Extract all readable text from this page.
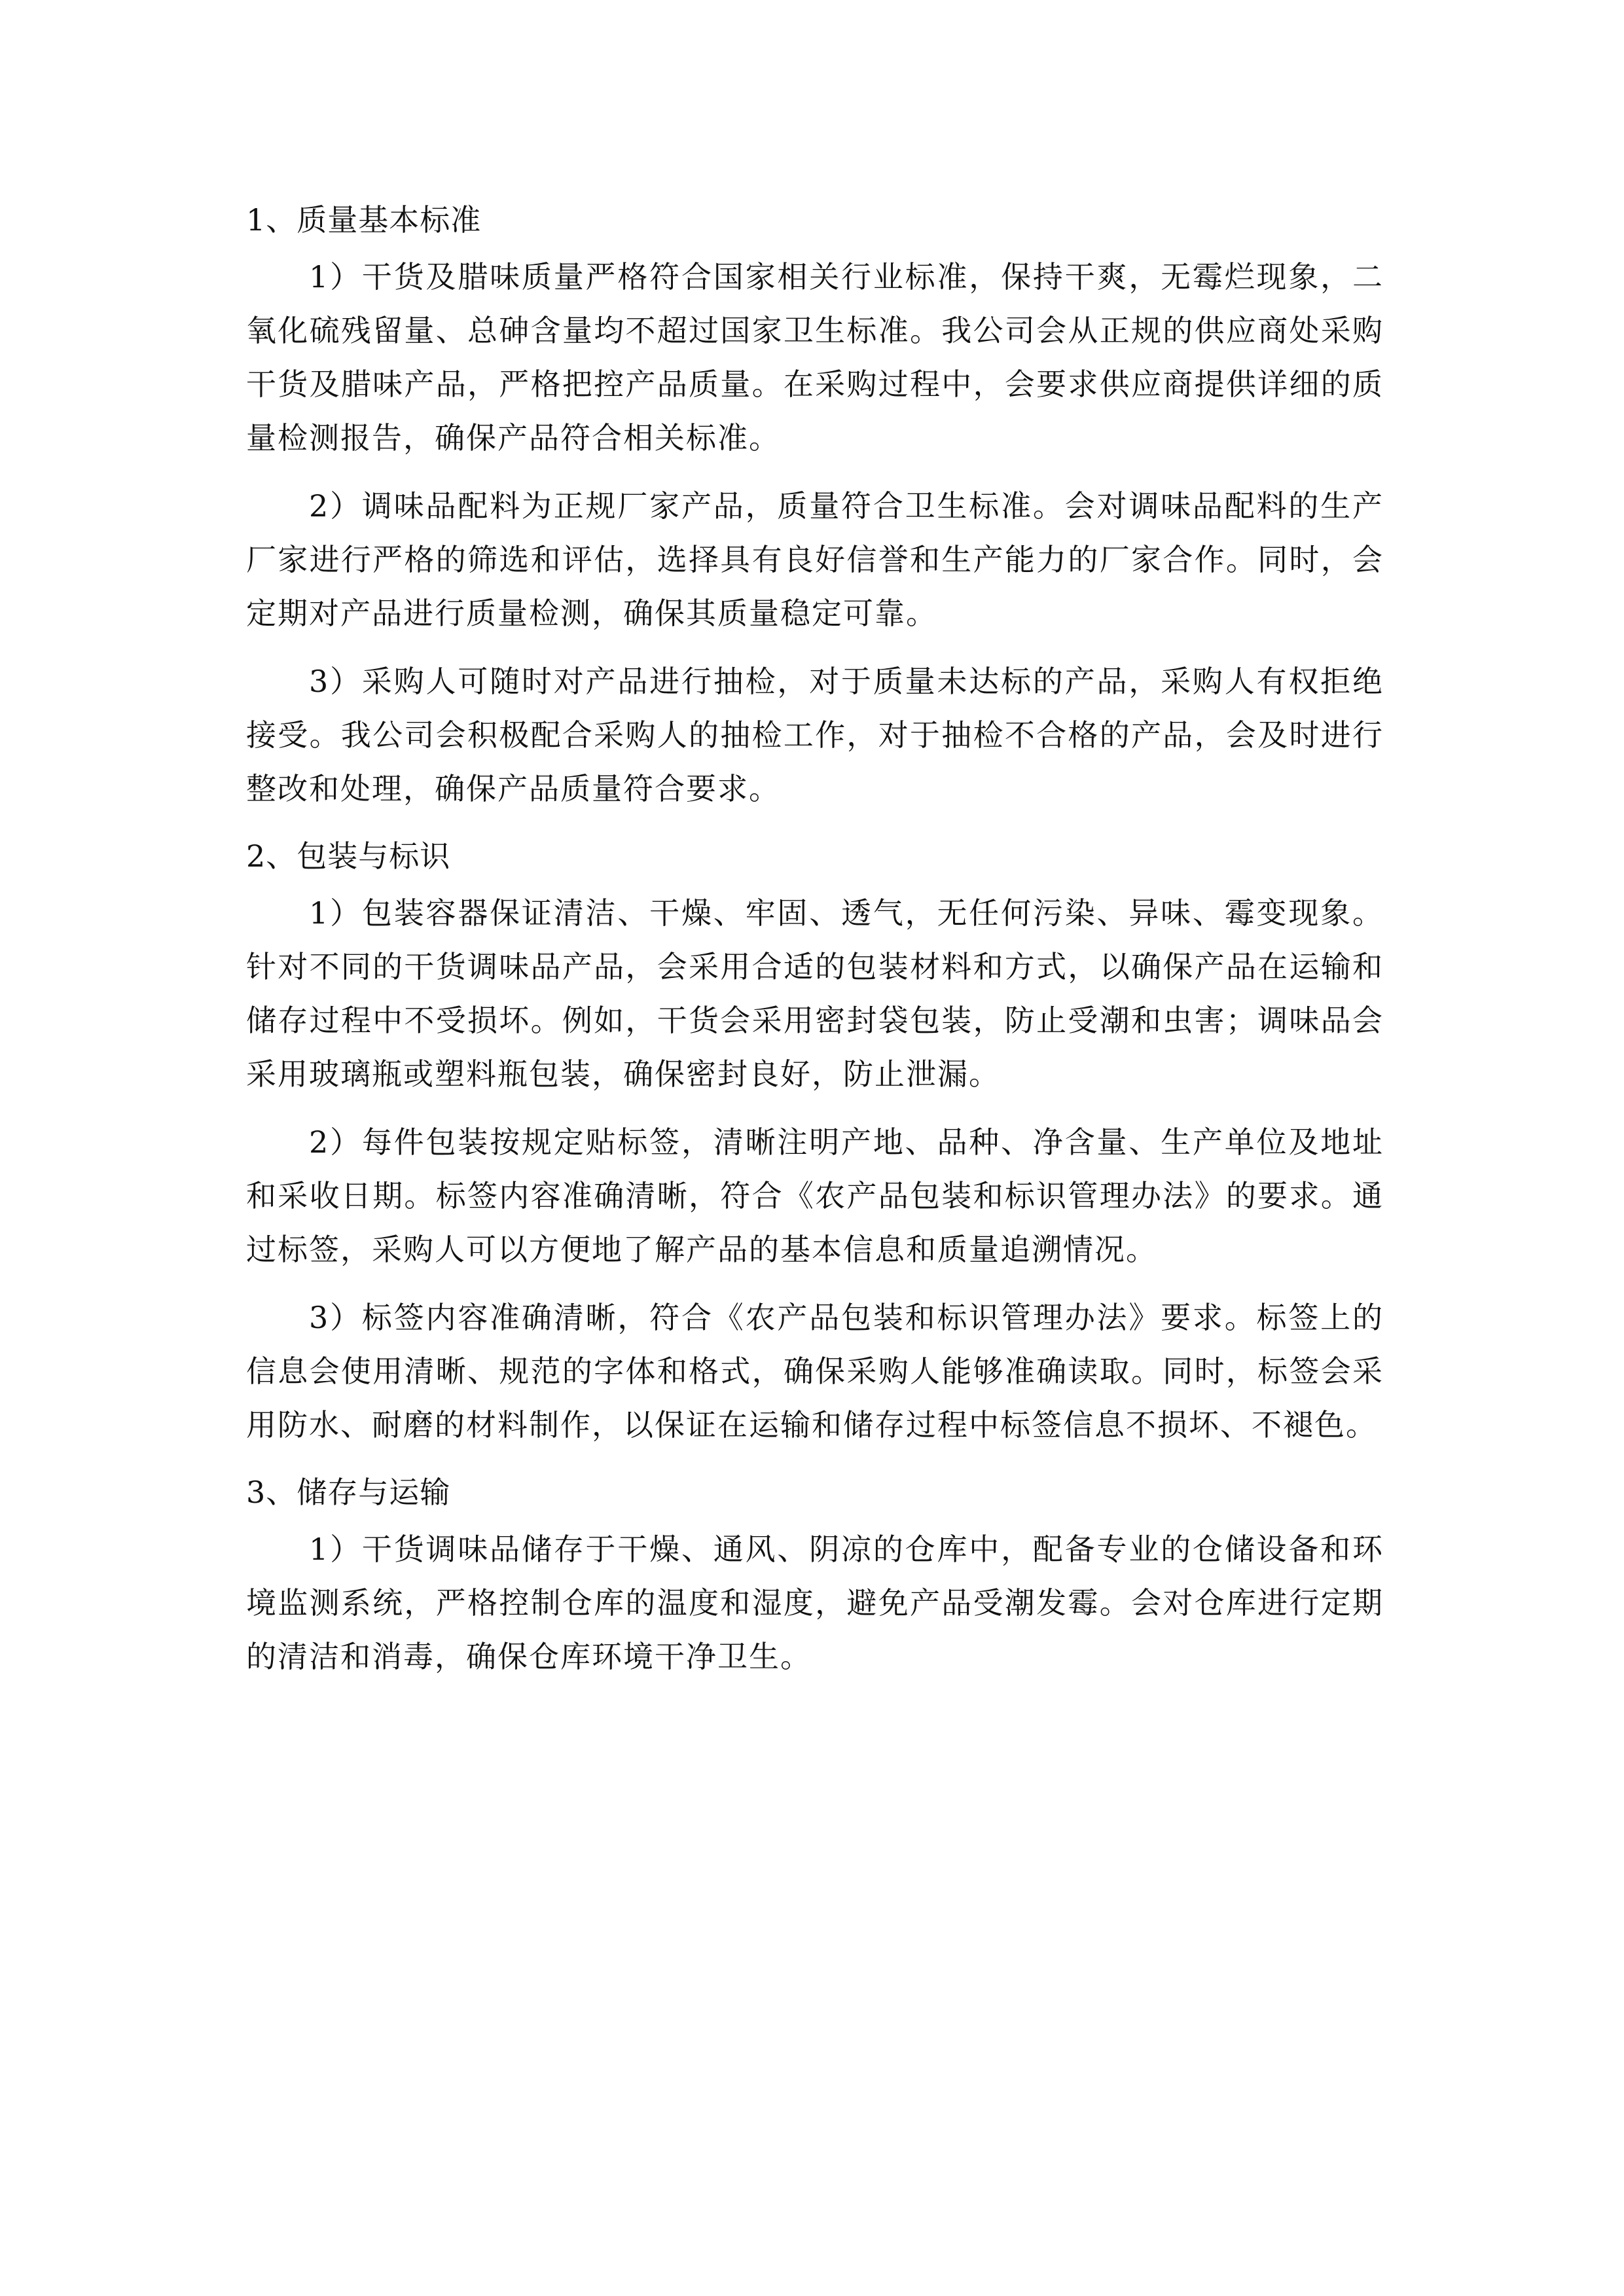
1、质量基本标准

1）干货及腊味质量严格符合国家相关行业标准，保持干爽，无霉烂现象，二氧化硫残留量、总砷含量均不超过国家卫生标准。我公司会从正规的供应商处采购干货及腊味产品，严格把控产品质量。在采购过程中，会要求供应商提供详细的质量检测报告，确保产品符合相关标准。

2）调味品配料为正规厂家产品，质量符合卫生标准。会对调味品配料的生产厂家进行严格的筛选和评估，选择具有良好信誉和生产能力的厂家合作。同时，会定期对产品进行质量检测，确保其质量稳定可靠。

3）采购人可随时对产品进行抽检，对于质量未达标的产品，采购人有权拒绝接受。我公司会积极配合采购人的抽检工作，对于抽检不合格的产品，会及时进行整改和处理，确保产品质量符合要求。

2、包装与标识

1）包装容器保证清洁、干燥、牢固、透气，无任何污染、异味、霉变现象。针对不同的干货调味品产品，会采用合适的包装材料和方式，以确保产品在运输和储存过程中不受损坏。例如，干货会采用密封袋包装，防止受潮和虫害；调味品会采用玻璃瓶或塑料瓶包装，确保密封良好，防止泄漏。

2）每件包装按规定贴标签，清晰注明产地、品种、净含量、生产单位及地址和采收日期。标签内容准确清晰，符合《农产品包装和标识管理办法》的要求。通过标签，采购人可以方便地了解产品的基本信息和质量追溯情况。

3）标签内容准确清晰，符合《农产品包装和标识管理办法》要求。标签上的信息会使用清晰、规范的字体和格式，确保采购人能够准确读取。同时，标签会采用防水、耐磨的材料制作，以保证在运输和储存过程中标签信息不损坏、不褪色。

3、储存与运输

1）干货调味品储存于干燥、通风、阴凉的仓库中，配备专业的仓储设备和环境监测系统，严格控制仓库的温度和湿度，避免产品受潮发霉。会对仓库进行定期的清洁和消毒，确保仓库环境干净卫生。
